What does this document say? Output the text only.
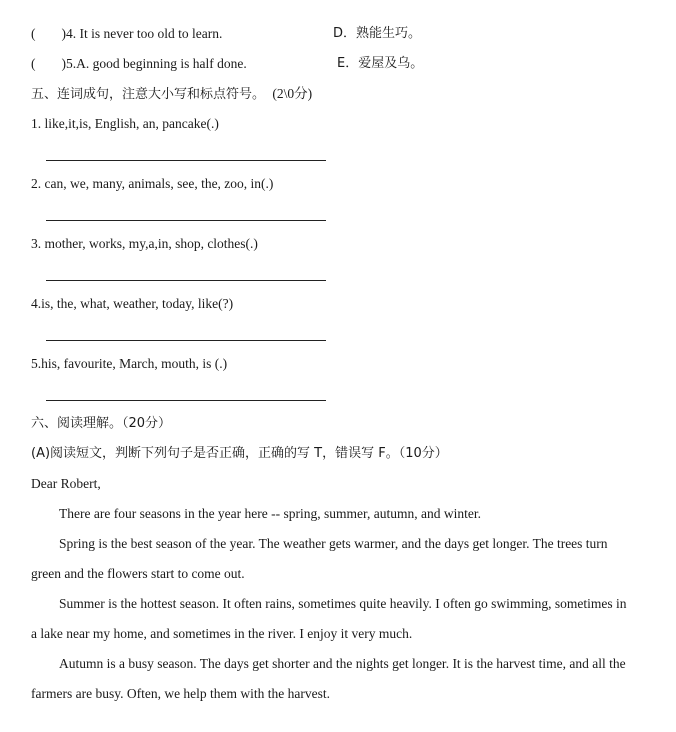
( )4. It is never too old to learn.	D．熟能生巧。
( )5.A. good beginning is half done.	E．爱屋及乌。
五、连词成句，注意大小写和标点符号。 (2\0分)
1. like,it,is, English, an, pancake(.)
2. can, we, many, animals, see, the, zoo, in(.)
3. mother, works, my,a,in, shop, clothes(.)
4.is, the, what, weather, today, like(?)
5.his, favourite, March, mouth, is (.)
六、阅读理解。（20分）
(A)阅读短文，判断下列句子是否正确，正确的写 T，错误写 F。（10分）
Dear Robert,
There are four seasons in the year here -- spring, summer, autumn, and winter.
Spring is the best season of the year. The weather gets warmer, and the days get longer. The trees turn
green and the flowers start to come out.
Summer is the hottest season. It often rains, sometimes quite heavily. I often go swimming, sometimes in
a lake near my home, and sometimes in the river. I enjoy it very much.
Autumn is a busy season. The days get shorter and the nights get longer. It is the harvest time, and all the
farmers are busy. Often, we help them with the harvest.
